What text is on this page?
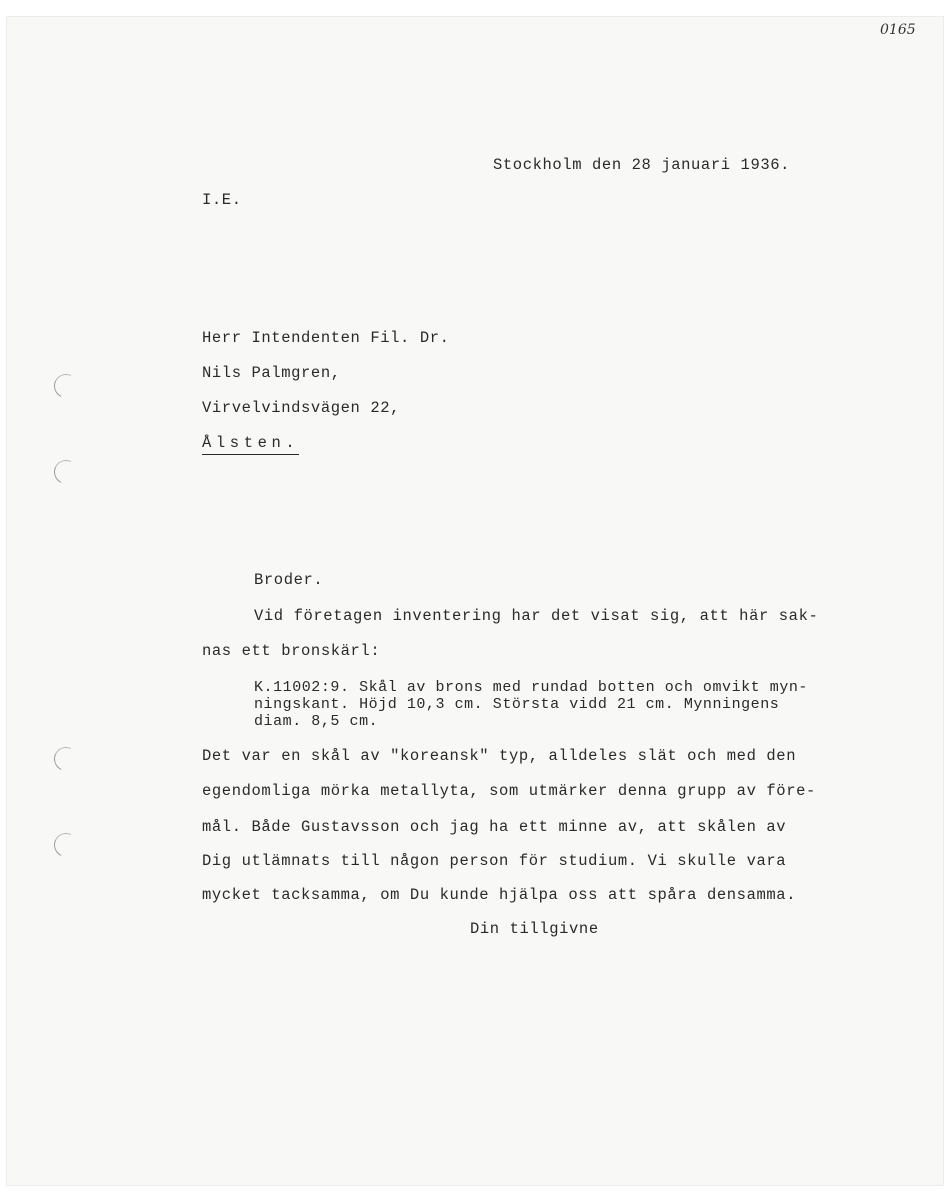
0165
Stockholm den 28 januari 1936.
I.E.
Herr Intendenten Fil. Dr.
Nils Palmgren,
Virvelvindsvägen 22,
Ålsten.
Broder.
Vid företagen inventering har det visat sig, att här sak-
nas ett bronskärl:
K.11002:9. Skål av brons med rundad botten och omvikt myn-
ningskant. Höjd 10,3 cm. Största vidd 21 cm. Mynningens
diam. 8,5 cm.
Det var en skål av "koreansk" typ, alldeles slät och med den
egendomliga mörka metallyta, som utmärker denna grupp av före-
mål. Både Gustavsson och jag ha ett minne av, att skålen av
Dig utlämnats till någon person för studium. Vi skulle vara
mycket tacksamma, om Du kunde hjälpa oss att spåra densamma.
Din tillgivne
